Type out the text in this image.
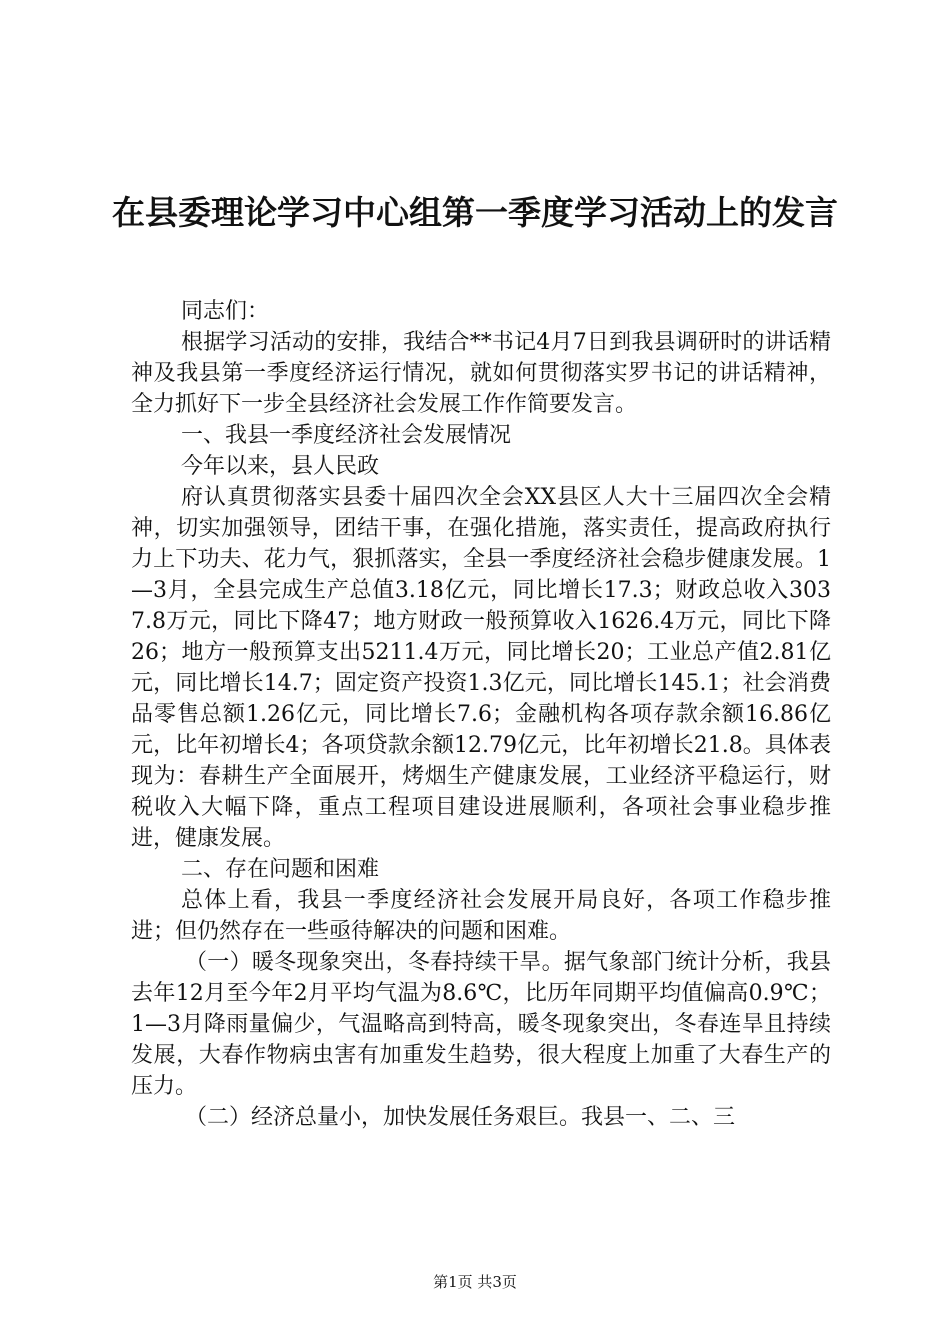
在县委理论学习中心组第一季度学习活动上的发言

同志们：

根据学习活动的安排，我结合**书记4月7日到我县调研时的讲话精神及我县第一季度经济运行情况，就如何贯彻落实罗书记的讲话精神，全力抓好下一步全县经济社会发展工作作简要发言。

一、我县一季度经济社会发展情况

今年以来，县人民政

府认真贯彻落实县委十届四次全会XX县区人大十三届四次全会精神，切实加强领导，团结干事，在强化措施，落实责任，提高政府执行力上下功夫、花力气，狠抓落实，全县一季度经济社会稳步健康发展。1—3月，全县完成生产总值3.18亿元，同比增长17.3；财政总收入3037.8万元，同比下降47；地方财政一般预算收入1626.4万元，同比下降26；地方一般预算支出5211.4万元，同比增长20；工业总产值2.81亿元，同比增长14.7；固定资产投资1.3亿元，同比增长145.1；社会消费品零售总额1.26亿元，同比增长7.6；金融机构各项存款余额16.86亿元，比年初增长4；各项贷款余额12.79亿元，比年初增长21.8。具体表现为：春耕生产全面展开，烤烟生产健康发展，工业经济平稳运行，财税收入大幅下降，重点工程项目建设进展顺利，各项社会事业稳步推进，健康发展。

二、存在问题和困难

总体上看，我县一季度经济社会发展开局良好，各项工作稳步推进；但仍然存在一些亟待解决的问题和困难。

（一）暖冬现象突出，冬春持续干旱。据气象部门统计分析，我县去年12月至今年2月平均气温为8.6℃，比历年同期平均值偏高0.9℃；1—3月降雨量偏少，气温略高到特高，暖冬现象突出，冬春连旱且持续发展，大春作物病虫害有加重发生趋势，很大程度上加重了大春生产的压力。

（二）经济总量小，加快发展任务艰巨。我县一、二、三

第1页 共3页
